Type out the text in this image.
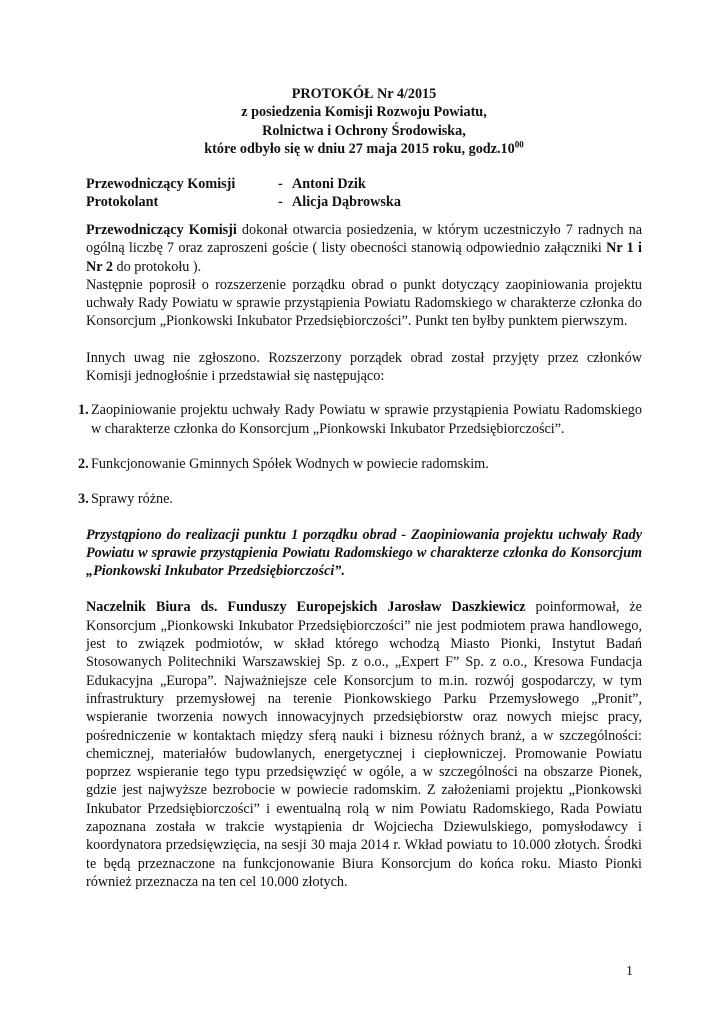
PROTOKÓŁ Nr 4/2015
z posiedzenia Komisji Rozwoju Powiatu,
Rolnictwa i Ochrony Środowiska,
które odbyło się w dniu 27 maja 2015 roku, $godz.10^{00}$
Przewodniczący Komisji	- Antoni Dzik
Protokolant	- Alicja Dąbrowska

Przewodniczący Komisji dokonał otwarcia posiedzenia, w którym uczestniczyło 7 radnych na ogólną liczbę 7 oraz zaproszeni goście ( listy obecności stanowią odpowiednio załączniki Nr 1 i Nr 2 do protokołu ).

Następnie poprosił o rozszerzenie porządku obrad o punkt dotyczący zaopiniowania projektu uchwały Rady Powiatu w sprawie przystąpienia Powiatu Radomskiego w charakterze członka do Konsorcjum „Pionkowski Inkubator Przedsiębiorczości”. Punkt ten byłby punktem pierwszym.

Innych uwag nie zgłoszono. Rozszerzony porządek obrad został przyjęty przez członków Komisji jednogłośnie i przedstawiał się następująco:

1. Zaopiniowanie projektu uchwały Rady Powiatu w sprawie przystąpienia Powiatu Radomskiego w charakterze członka do Konsorcjum „Pionkowski Inkubator Przedsiębiorczości”.
2. Funkcjonowanie Gminnych Spółek Wodnych w powiecie radomskim.
3. Sprawy różne.

Przystąpiono do realizacji punktu 1 porządku obrad - Zaopiniowania projektu uchwały Rady Powiatu w sprawie przystąpienia Powiatu Radomskiego w charakterze członka do Konsorcjum „Pionkowski Inkubator Przedsiębiorczości”.

Naczelnik Biura ds. Funduszy Europejskich Jarosław Daszkiewicz poinformował, że Konsorcjum „Pionkowski Inkubator Przedsiębiorczości” nie jest podmiotem prawa handlowego, jest to związek podmiotów, w skład którego wchodzą Miasto Pionki, Instytut Badań Stosowanych Politechniki Warszawskiej Sp. z o.o., „Expert F” Sp. z o.o., Kresowa Fundacja Edukacyjna „Europa”. Najważniejsze cele Konsorcjum to m.in. rozwój gospodarczy, w tym infrastruktury przemysłowej na terenie Pionkowskiego Parku Przemysłowego „Pronit”, wspieranie tworzenia nowych innowacyjnych przedsiębiorstw oraz nowych miejsc pracy, pośredniczenie w kontaktach między sferą nauki i biznesu różnych branż, a w szczególności: chemicznej, materiałów budowlanych, energetycznej i ciepłowniczej. Promowanie Powiatu poprzez wspieranie tego typu przedsięwzięć w ogóle, a w szczególności na obszarze Pionek, gdzie jest najwyższe bezrobocie w powiecie radomskim. Z założeniami projektu „Pionkowski Inkubator Przedsiębiorczości” i ewentualną rolą w nim Powiatu Radomskiego, Rada Powiatu zapoznana została w trakcie wystąpienia dr Wojciecha Dziewulskiego, pomysłodawcy i koordynatora przedsięwzięcia, na sesji 30 maja 2014 r. Wkład powiatu to 10.000 złotych. Środki te będą przeznaczone na funkcjonowanie Biura Konsorcjum do końca roku. Miasto Pionki również przeznacza na ten cel 10.000 złotych.

1
